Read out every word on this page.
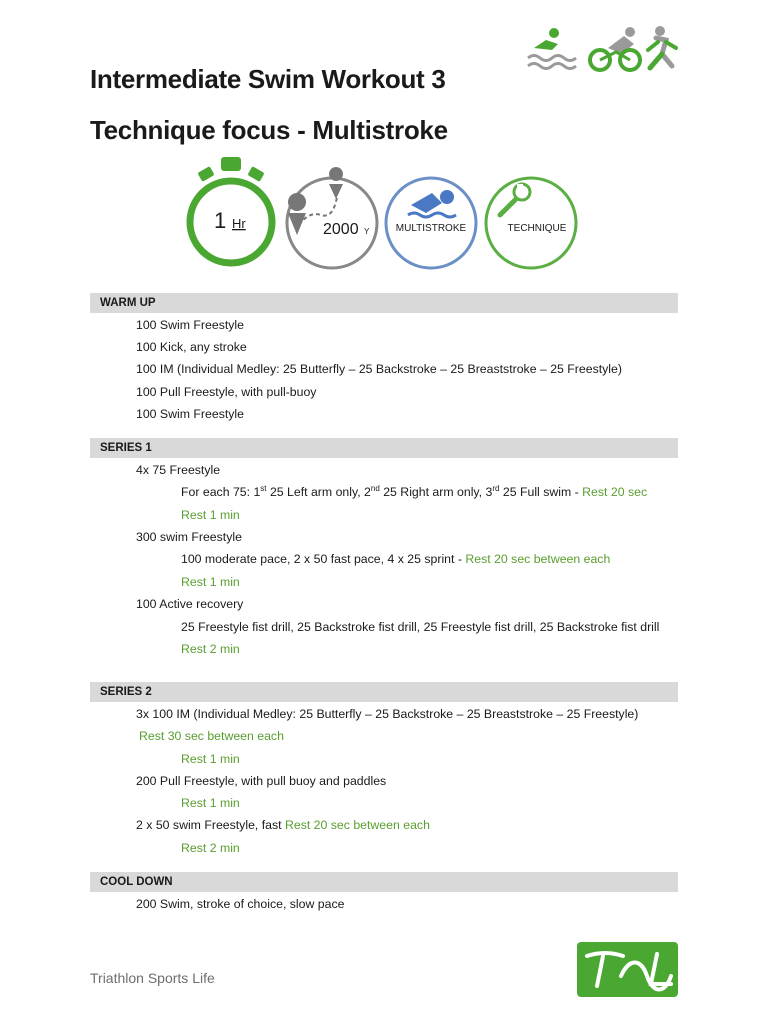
Intermediate Swim Workout 3
Technique focus - Multistroke
1 Hr	2000 Y	MULTISTROKE	TECHNIQUE
WARM UP
100 Swim Freestyle
100 Kick, any stroke
100 IM (Individual Medley: 25 Butterfly – 25 Backstroke – 25 Breaststroke – 25 Freestyle)
100 Pull Freestyle, with pull-buoy
100 Swim Freestyle
SERIES 1
4x 75 Freestyle
For each 75: 1st 25 Left arm only, 2nd 25 Right arm only, 3rd 25 Full swim - Rest 20 sec
Rest 1 min
300 swim Freestyle
100 moderate pace, 2 x 50 fast pace, 4 x 25 sprint - Rest 20 sec between each
Rest 1 min
100 Active recovery
25 Freestyle fist drill, 25 Backstroke fist drill, 25 Freestyle fist drill, 25 Backstroke fist drill
Rest 2 min
SERIES 2
3x 100 IM (Individual Medley: 25 Butterfly – 25 Backstroke – 25 Breaststroke – 25 Freestyle)
Rest 30 sec between each
Rest 1 min
200 Pull Freestyle, with pull buoy and paddles
Rest 1 min
2 x 50 swim Freestyle, fast Rest 20 sec between each
Rest 2 min
COOL DOWN
200 Swim, stroke of choice, slow pace
Triathlon Sports Life
